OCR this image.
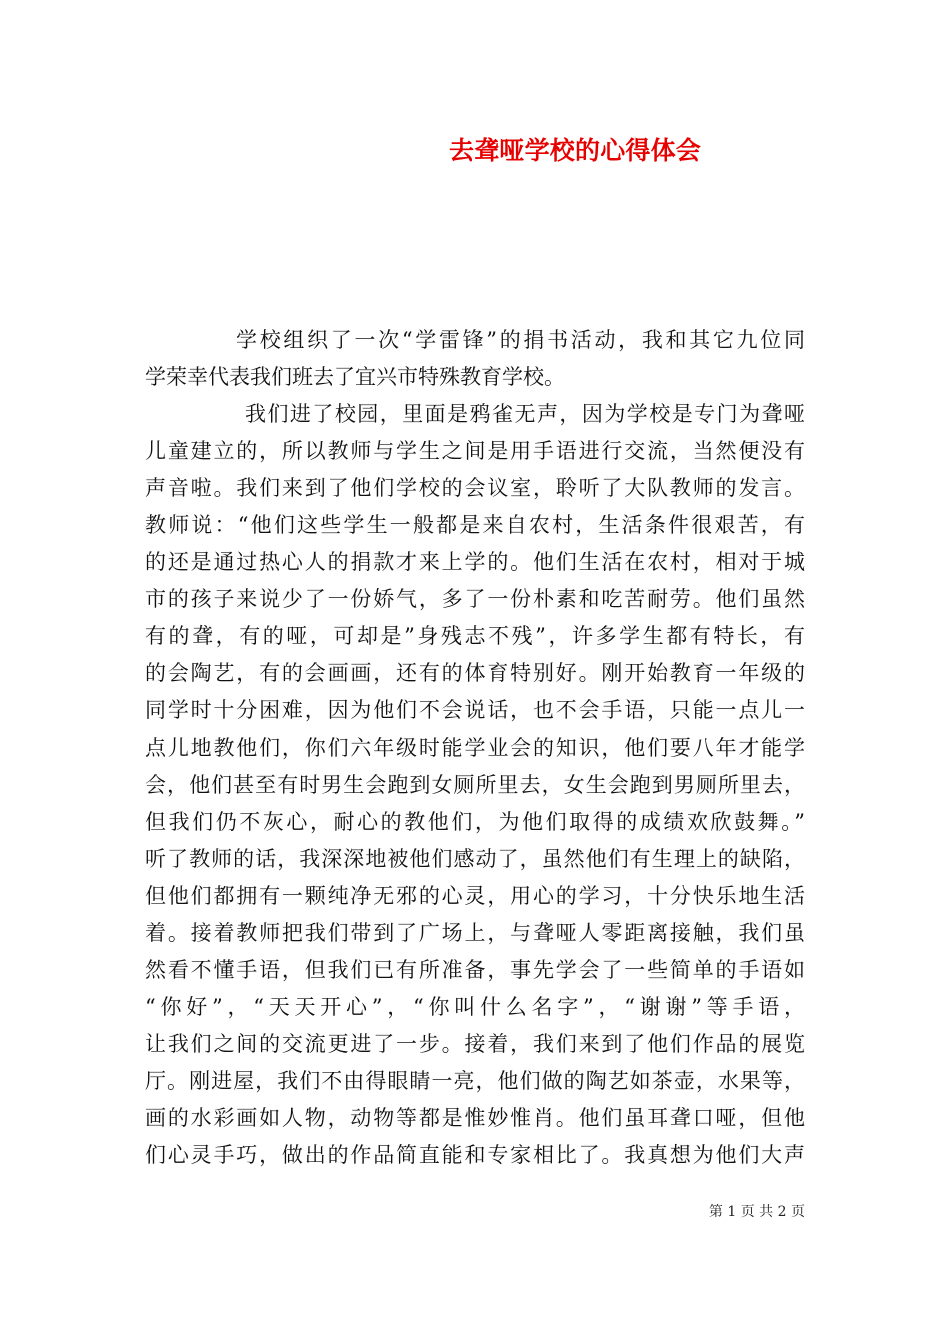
去聋哑学校的心得体会
学校组织了一次“学雷锋”的捐书活动，我和其它九位同
学荣幸代表我们班去了宜兴市特殊教育学校。
我们进了校园，里面是鸦雀无声，因为学校是专门为聋哑
儿童建立的，所以教师与学生之间是用手语进行交流，当然便没有
声音啦。我们来到了他们学校的会议室，聆听了大队教师的发言。
教师说：“他们这些学生一般都是来自农村，生活条件很艰苦，有
的还是通过热心人的捐款才来上学的。他们生活在农村，相对于城
市的孩子来说少了一份娇气，多了一份朴素和吃苦耐劳。他们虽然
有的聋，有的哑，可却是”身残志不残”，许多学生都有特长，有
的会陶艺，有的会画画，还有的体育特别好。刚开始教育一年级的
同学时十分困难，因为他们不会说话，也不会手语，只能一点儿一
点儿地教他们，你们六年级时能学业会的知识，他们要八年才能学
会，他们甚至有时男生会跑到女厕所里去，女生会跑到男厕所里去，
但我们仍不灰心，耐心的教他们，为他们取得的成绩欢欣鼓舞。”
听了教师的话，我深深地被他们感动了，虽然他们有生理上的缺陷，
但他们都拥有一颗纯净无邪的心灵，用心的学习，十分快乐地生活
着。接着教师把我们带到了广场上，与聋哑人零距离接触，我们虽
然看不懂手语，但我们已有所准备，事先学会了一些简单的手语如
“你好”，“天天开心”，“你叫什么名字”，“谢谢”等手语，
让我们之间的交流更进了一步。接着，我们来到了他们作品的展览
厅。刚进屋，我们不由得眼睛一亮，他们做的陶艺如茶壶，水果等，
画的水彩画如人物，动物等都是惟妙惟肖。他们虽耳聋口哑，但他
们心灵手巧，做出的作品简直能和专家相比了。我真想为他们大声
第 1 页 共 2 页
